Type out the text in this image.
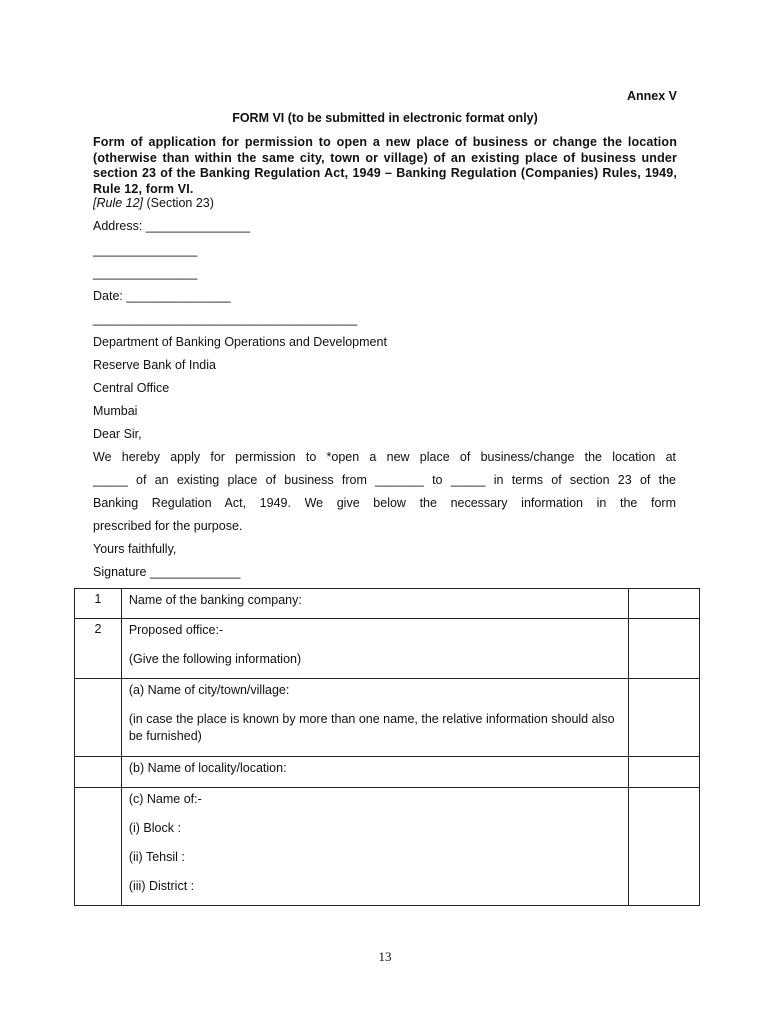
Annex V
FORM VI (to be submitted in electronic format only)
Form of application for permission to open a new place of business or change the location (otherwise than within the same city, town or village) of an existing place of business under section 23 of the Banking Regulation Act, 1949 – Banking Regulation (Companies) Rules, 1949, Rule 12, form VI.
[Rule 12] (Section 23)
Address: _______________
_______________
_______________
Date: _______________
______________________________________
Department of Banking Operations and Development
Reserve Bank of India
Central Office
Mumbai
Dear Sir,
We hereby apply for permission to *open a new place of business/change the location at
_____ of an existing place of business from _______ to _____ in terms of section 23 of the
Banking Regulation Act, 1949. We give below the necessary information in the form
prescribed for the purpose.
Yours faithfully,
Signature _____________
1	Name of the banking company:	

2	Proposed office:-

(Give the following information)	

	(a) Name of city/town/village:

(in case the place is known by more than one name, the relative information should also be furnished)	

	(b) Name of locality/location:	

	(c) Name of:-

(i) Block :

(ii) Tehsil :

(iii) District :	

13
